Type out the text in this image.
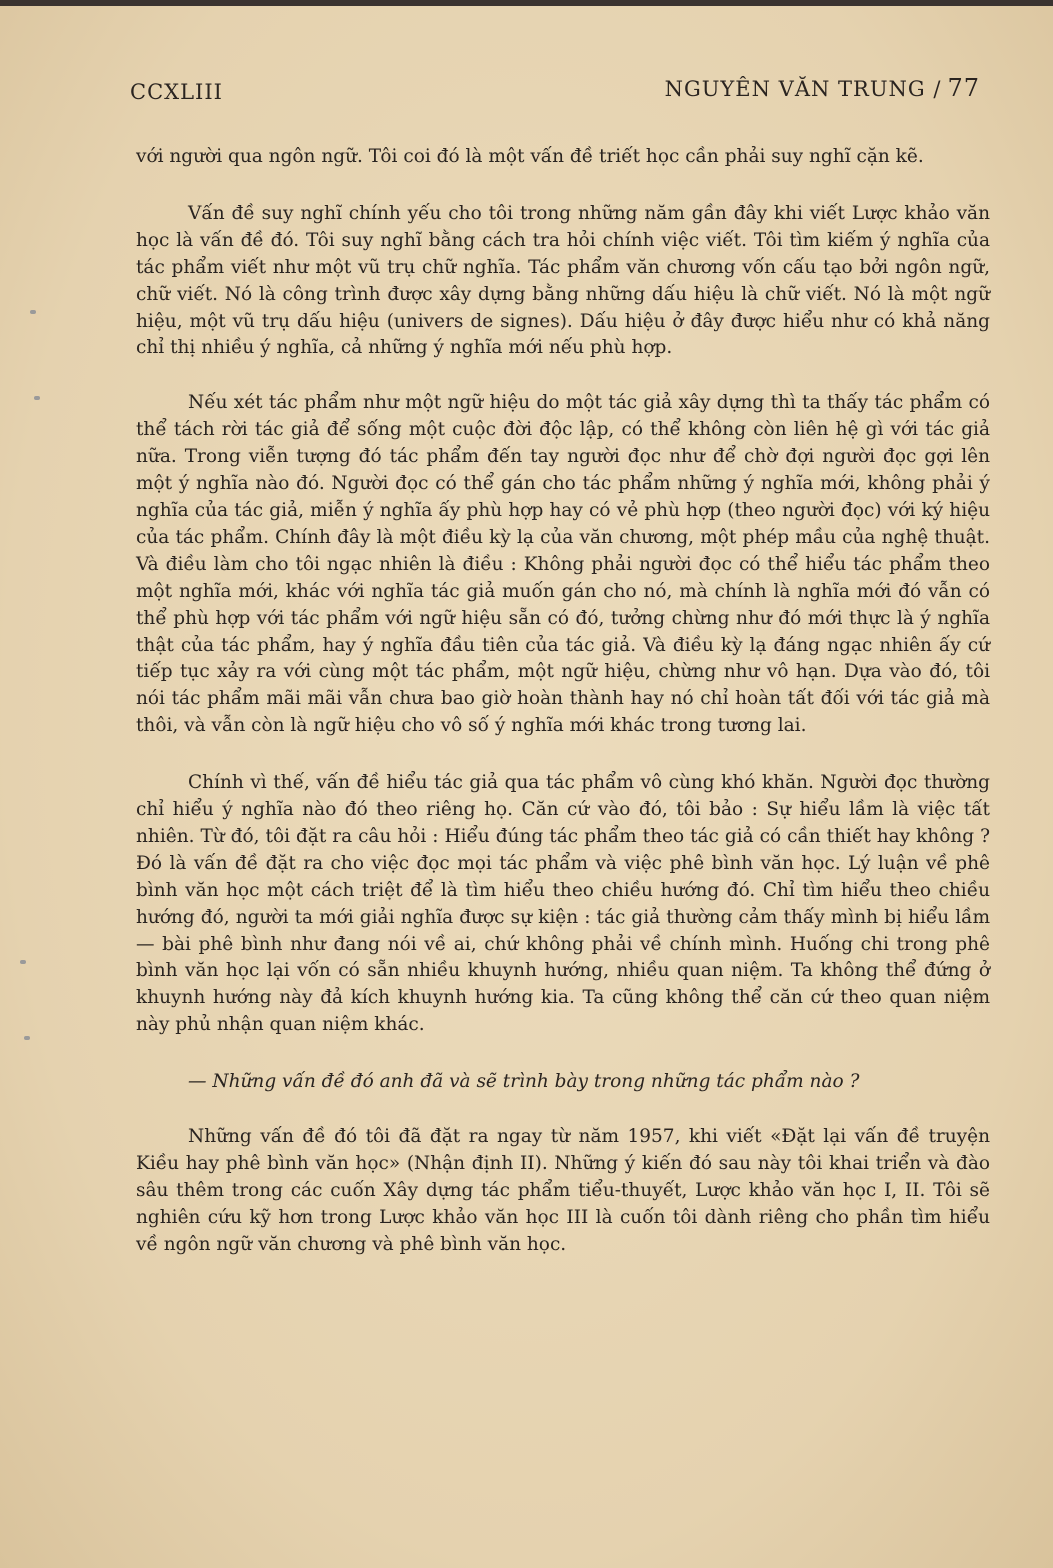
CCXLIII	NGUYÊN VĂN TRUNG / 77

với người qua ngôn ngữ. Tôi coi đó là một vấn đề triết học cần phải suy nghĩ cặn kẽ.

Vấn đề suy nghĩ chính yếu cho tôi trong những năm gần đây khi viết Lược khảo văn học là vấn đề đó. Tôi suy nghĩ bằng cách tra hỏi chính việc viết. Tôi tìm kiếm ý nghĩa của tác phẩm viết như một vũ trụ chữ nghĩa. Tác phẩm văn chương vốn cấu tạo bởi ngôn ngữ, chữ viết. Nó là công trình được xây dựng bằng những dấu hiệu là chữ viết. Nó là một ngữ hiệu, một vũ trụ dấu hiệu (univers de signes). Dấu hiệu ở đây được hiểu như có khả năng chỉ thị nhiều ý nghĩa, cả những ý nghĩa mới nếu phù hợp.

Nếu xét tác phẩm như một ngữ hiệu do một tác giả xây dựng thì ta thấy tác phẩm có thể tách rời tác giả để sống một cuộc đời độc lập, có thể không còn liên hệ gì với tác giả nữa. Trong viễn tượng đó tác phẩm đến tay người đọc như để chờ đợi người đọc gợi lên một ý nghĩa nào đó. Người đọc có thể gán cho tác phẩm những ý nghĩa mới, không phải ý nghĩa của tác giả, miễn ý nghĩa ấy phù hợp hay có vẻ phù hợp (theo người đọc) với ký hiệu của tác phẩm. Chính đây là một điều kỳ lạ của văn chương, một phép mầu của nghệ thuật. Và điều làm cho tôi ngạc nhiên là điều : Không phải người đọc có thể hiểu tác phẩm theo một nghĩa mới, khác với nghĩa tác giả muốn gán cho nó, mà chính là nghĩa mới đó vẫn có thể phù hợp với tác phẩm với ngữ hiệu sẵn có đó, tưởng chừng như đó mới thực là ý nghĩa thật của tác phẩm, hay ý nghĩa đầu tiên của tác giả. Và điều kỳ lạ đáng ngạc nhiên ấy cứ tiếp tục xảy ra với cùng một tác phẩm, một ngữ hiệu, chừng như vô hạn. Dựa vào đó, tôi nói tác phẩm mãi mãi vẫn chưa bao giờ hoàn thành hay nó chỉ hoàn tất đối với tác giả mà thôi, và vẫn còn là ngữ hiệu cho vô số ý nghĩa mới khác trong tương lai.

Chính vì thế, vấn đề hiểu tác giả qua tác phẩm vô cùng khó khăn. Người đọc thường chỉ hiểu ý nghĩa nào đó theo riêng họ. Căn cứ vào đó, tôi bảo : Sự hiểu lầm là việc tất nhiên. Từ đó, tôi đặt ra câu hỏi : Hiểu đúng tác phẩm theo tác giả có cần thiết hay không ? Đó là vấn đề đặt ra cho việc đọc mọi tác phẩm và việc phê bình văn học. Lý luận về phê bình văn học một cách triệt để là tìm hiểu theo chiều hướng đó. Chỉ tìm hiểu theo chiều hướng đó, người ta mới giải nghĩa được sự kiện : tác giả thường cảm thấy mình bị hiểu lầm — bài phê bình như đang nói về ai, chứ không phải về chính mình. Huống chi trong phê bình văn học lại vốn có sẵn nhiều khuynh hướng, nhiều quan niệm. Ta không thể đứng ở khuynh hướng này đả kích khuynh hướng kia. Ta cũng không thể căn cứ theo quan niệm này phủ nhận quan niệm khác.

— Những vấn đề đó anh đã và sẽ trình bày trong những tác phẩm nào ?

Những vấn đề đó tôi đã đặt ra ngay từ năm 1957, khi viết «Đặt lại vấn đề truyện Kiều hay phê bình văn học» (Nhận định II). Những ý kiến đó sau này tôi khai triển và đào sâu thêm trong các cuốn Xây dựng tác phẩm tiểu-thuyết, Lược khảo văn học I, II. Tôi sẽ nghiên cứu kỹ hơn trong Lược khảo văn học III là cuốn tôi dành riêng cho phần tìm hiểu về ngôn ngữ văn chương và phê bình văn học.
